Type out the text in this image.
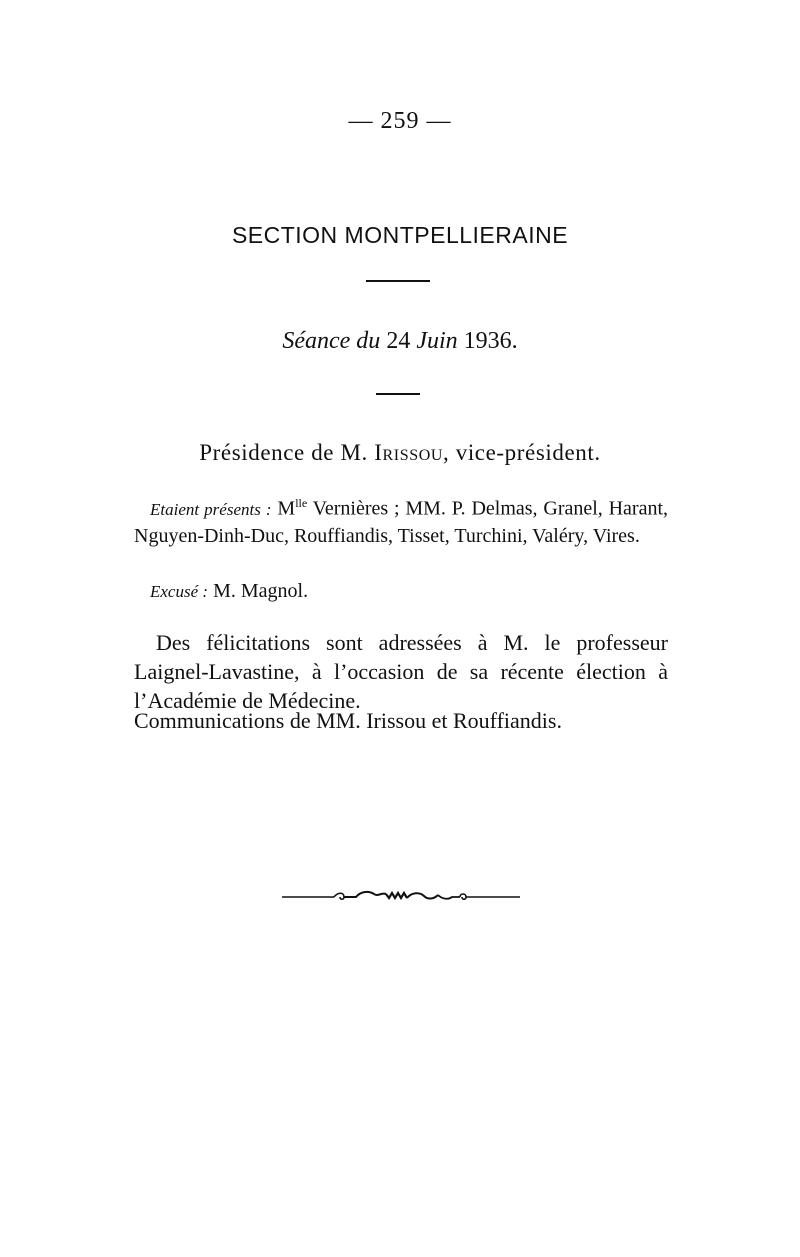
— 259 —
SECTION MONTPELLIERAINE
Séance du 24 Juin 1936.
Présidence de M. Irissou, vice-président.
Etaient présents : $M^{lle}$ Vernières ; MM. P. Delmas, Granel, Harant, Nguyen-Dinh-Duc, Rouffiandis, Tisset, Turchini, Valéry, Vires.
Excusé : M. Magnol.
Des félicitations sont adressées à M. le professeur Laignel-Lavastine, à l’occasion de sa récente élection à l’Académie de Médecine.
Communications de MM. Irissou et Rouffiandis.
